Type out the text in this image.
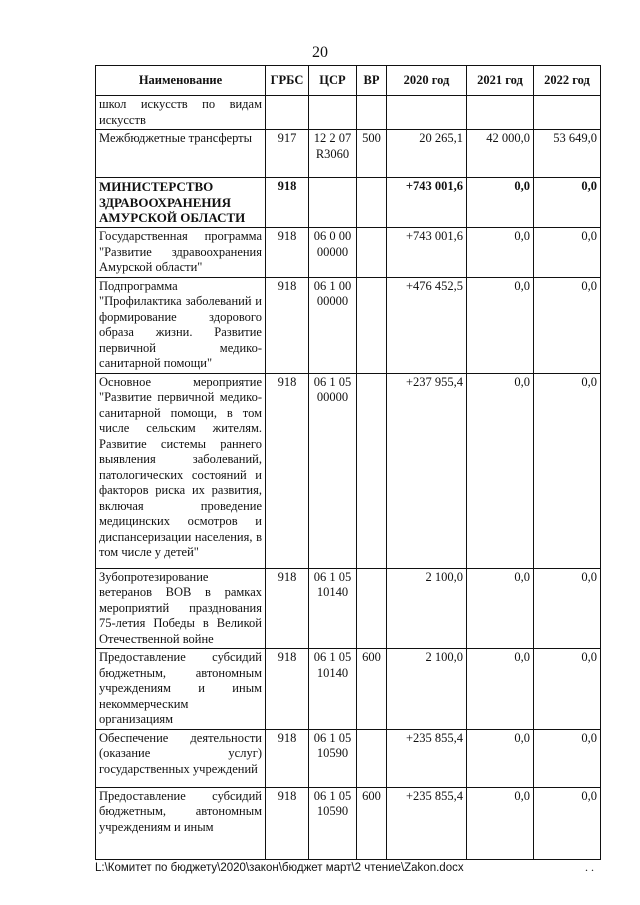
20
Наименование	ГРБС	ЦСР	ВР	2020 год	2021 год	2022 год
школ искусств по видам искусств						
Межбюджетные трансферты	917	12 2 07 R3060	500	20 265,1	42 000,0	53 649,0
МИНИСТЕРСТВО ЗДРАВООХРАНЕНИЯ АМУРСКОЙ ОБЛАСТИ	918			+743 001,6	0,0	0,0
Государственная программа "Развитие здравоохранения Амурской области"	918	06 0 00 00000		+743 001,6	0,0	0,0
Подпрограмма "Профилактика заболеваний и формирование здорового образа жизни. Развитие первичной медико-санитарной помощи"	918	06 1 00 00000		+476 452,5	0,0	0,0
Основное мероприятие "Развитие первичной медико-санитарной помощи, в том числе сельским жителям. Развитие системы раннего выявления заболеваний, патологических состояний и факторов риска их развития, включая проведение медицинских осмотров и диспансеризации населения, в том числе у детей"	918	06 1 05 00000		+237 955,4	0,0	0,0
Зубопротезирование ветеранов ВОВ в рамках мероприятий празднования 75-летия Победы в Великой Отечественной войне	918	06 1 05 10140		2 100,0	0,0	0,0
Предоставление субсидий бюджетным, автономным учреждениям и иным некоммерческим организациям	918	06 1 05 10140	600	2 100,0	0,0	0,0
Обеспечение деятельности (оказание услуг) государственных учреждений	918	06 1 05 10590		+235 855,4	0,0	0,0
Предоставление субсидий бюджетным, автономным учреждениям и иным	918	06 1 05 10590	600	+235 855,4	0,0	0,0
L:\Комитет по бюджету\2020\закон\бюджет март\2 чтение\Zakon.docx	. .
